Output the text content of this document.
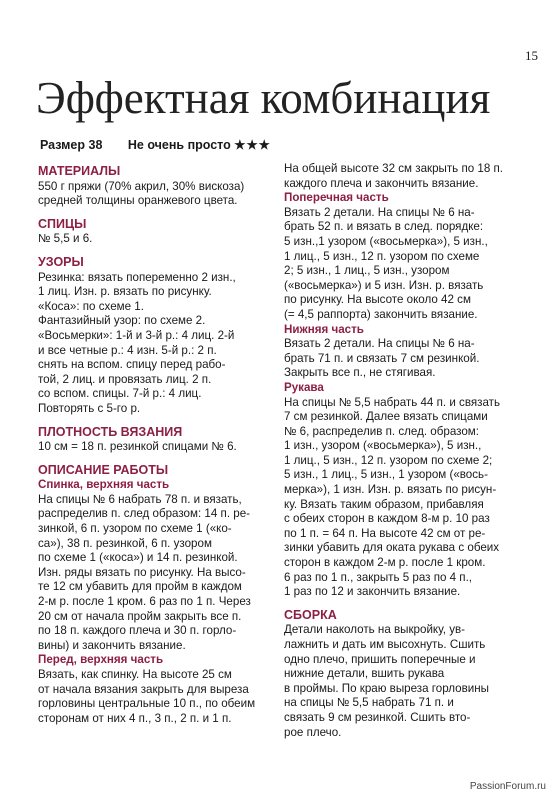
15
Эффектная комбинация
Размер 38 Не очень просто ★★★
МАТЕРИАЛЫ

550 г пряжи (70% акрил, 30% вискоза)
средней толщины оранжевого цвета.

СПИЦЫ

№ 5,5 и 6.

УЗОРЫ

Резинка: вязать попеременно 2 изн.,
1 лиц. Изн. р. вязать по рисунку.
«Коса»: по схеме 1.
Фантазийный узор: по схеме 2.
«Восьмерки»: 1-й и 3-й р.: 4 лиц. 2-й
и все четные р.: 4 изн. 5-й р.: 2 п.
снять на вспом. спицу перед рабо-
той, 2 лиц. и провязать лиц. 2 п.
со вспом. спицы. 7-й р.: 4 лиц.
Повторять с 5-го р.

ПЛОТНОСТЬ ВЯЗАНИЯ

10 см = 18 п. резинкой спицами № 6.

ОПИСАНИЕ РАБОТЫ
Спинка, верхняя часть

На спицы № 6 набрать 78 п. и вязать,
распределив п. след образом: 14 п. ре-
зинкой, 6 п. узором по схеме 1 («ко-
са»), 38 п. резинкой, 6 п. узором
по схеме 1 («коса») и 14 п. резинкой.
Изн. ряды вязать по рисунку. На высо-
те 12 см убавить для пройм в каждом
2-м р. после 1 кром. 6 раз по 1 п. Через
20 см от начала пройм закрыть все п.
по 18 п. каждого плеча и 30 п. горло-
вины) и закончить вязание.

Перед, верхняя часть

Вязать, как спинку. На высоте 25 см
от начала вязания закрыть для выреза
горловины центральные 10 п., по обеим
сторонам от них 4 п., 3 п., 2 п. и 1 п.

На общей высоте 32 см закрыть по 18 п.
каждого плеча и закончить вязание.

Поперечная часть

Вязать 2 детали. На спицы № 6 на-
брать 52 п. и вязать в след. порядке:
5 изн.,1 узором («восьмерка»), 5 изн.,
1 лиц., 5 изн., 12 п. узором по схеме
2; 5 изн., 1 лиц., 5 изн., узором
(«восьмерка») и 5 изн. Изн. р. вязать
по рисунку. На высоте около 42 см
(= 4,5 раппорта) закончить вязание.

Нижняя часть

Вязать 2 детали. На спицы № 6 на-
брать 71 п. и связать 7 см резинкой.
Закрыть все п., не стягивая.

Рукава

На спицы № 5,5 набрать 44 п. и связать
7 см резинкой. Далее вязать спицами
№ 6, распределив п. след. образом:
1 изн., узором («восьмерка»), 5 изн.,
1 лиц., 5 изн., 12 п. узором по схеме 2;
5 изн., 1 лиц., 5 изн., 1 узором («вось-
мерка»), 1 изн. Изн. р. вязать по рисун-
ку. Вязать таким образом, прибавляя
с обеих сторон в каждом 8-м р. 10 раз
по 1 п. = 64 п. На высоте 42 см от ре-
зинки убавить для оката рукава с обеих
сторон в каждом 2-м р. после 1 кром.
6 раз по 1 п., закрыть 5 раз по 4 п.,
1 раз по 12 и закончить вязание.

СБОРКА

Детали наколоть на выкройку, ув-
лажнить и дать им высохнуть. Сшить
одно плечо, пришить поперечные и
нижние детали, вшить рукава
в проймы. По краю выреза горловины
на спицы № 5,5 набрать 71 п. и
связать 9 см резинкой. Сшить вто-
рое плечо.

PassionForum.ru
